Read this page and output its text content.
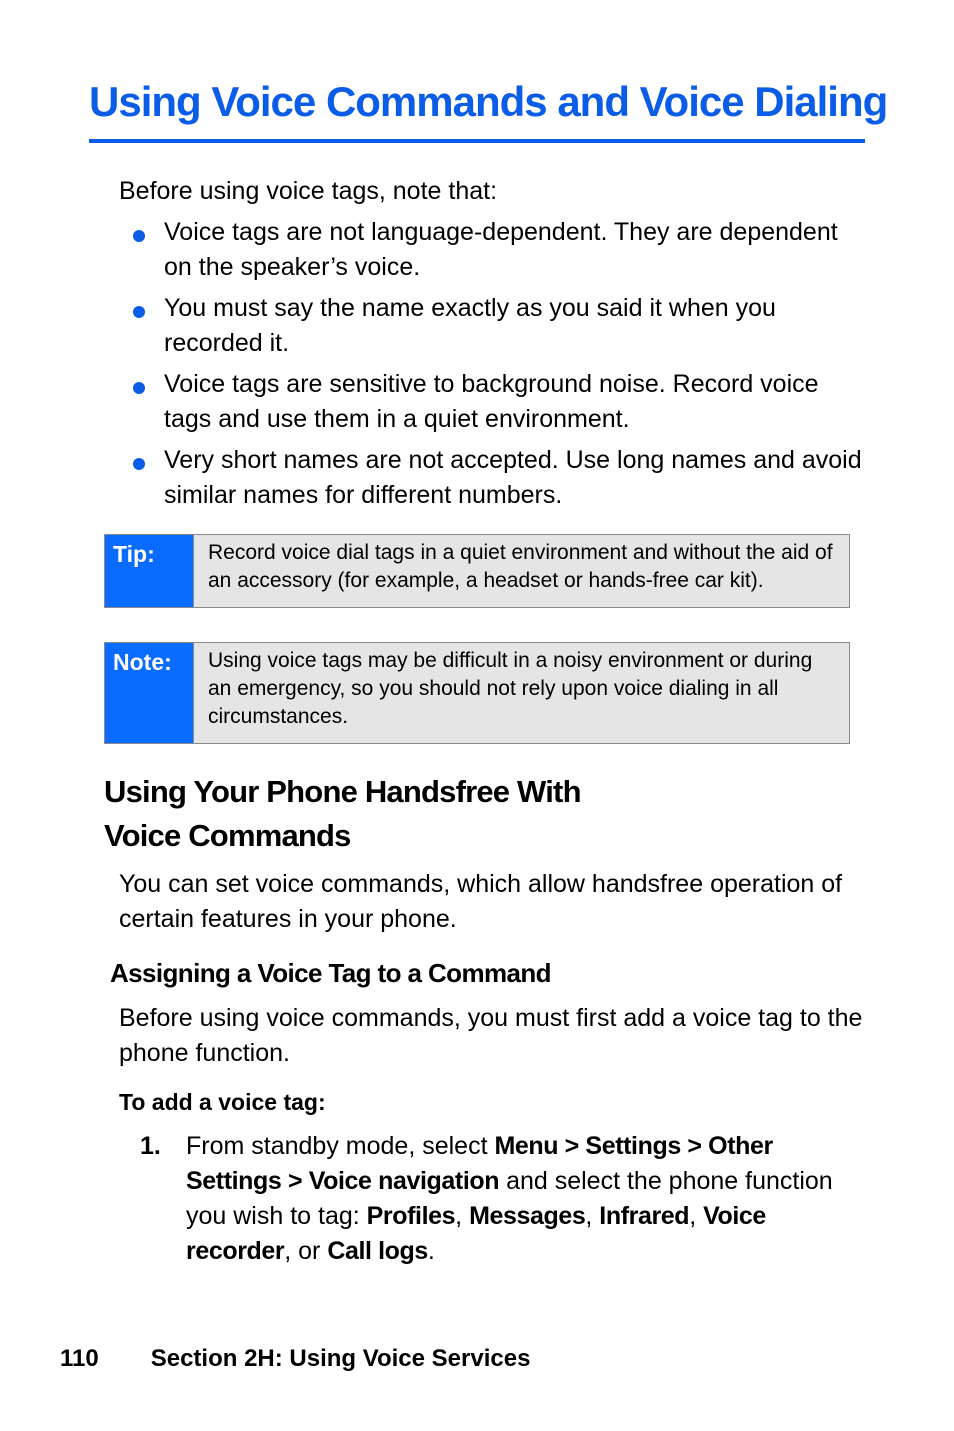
Using Voice Commands and Voice Dialing
Before using voice tags, note that:
Voice tags are not language-dependent. They are dependent on the speaker’s voice.
You must say the name exactly as you said it when you recorded it.
Voice tags are sensitive to background noise. Record voice tags and use them in a quiet environment.
Very short names are not accepted. Use long names and avoid similar names for different numbers.
Tip:	Record voice dial tags in a quiet environment and without the aid of an accessory (for example, a headset or hands-free car kit).
Note:	Using voice tags may be difficult in a noisy environment or during an emergency, so you should not rely upon voice dialing in all circumstances.
Using Your Phone Handsfree With
Voice Commands
You can set voice commands, which allow handsfree operation of certain features in your phone.
Assigning a Voice Tag to a Command
Before using voice commands, you must first add a voice tag to the phone function.
To add a voice tag:
1. From standby mode, select Menu > Settings > Other Settings > Voice navigation and select the phone function you wish to tag: Profiles, Messages, Infrared, Voice recorder, or Call logs.
110 Section 2H: Using Voice Services
